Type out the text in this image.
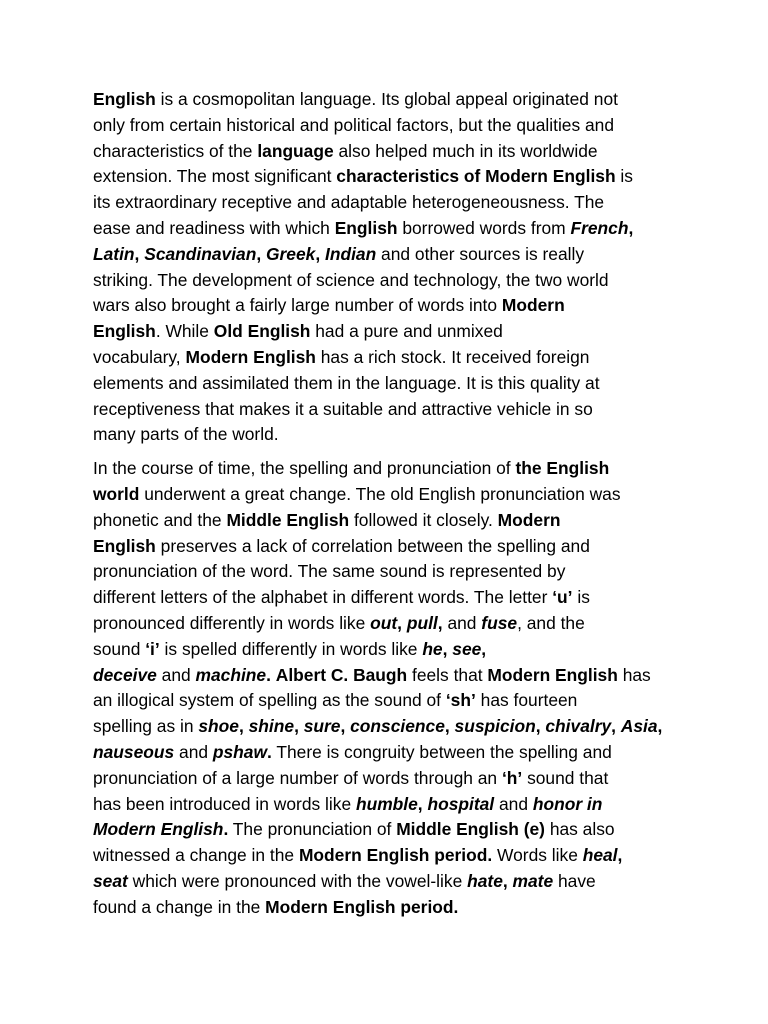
English is a cosmopolitan language. Its global appeal originated not
only from certain historical and political factors, but the qualities and
characteristics of the language also helped much in its worldwide
extension. The most significant characteristics of Modern English is
its extraordinary receptive and adaptable heterogeneousness. The
ease and readiness with which English borrowed words from French,
Latin, Scandinavian, Greek, Indian and other sources is really
striking. The development of science and technology, the two world
wars also brought a fairly large number of words into Modern
English. While Old English had a pure and unmixed
vocabulary, Modern English has a rich stock. It received foreign
elements and assimilated them in the language. It is this quality at
receptiveness that makes it a suitable and attractive vehicle in so
many parts of the world.
In the course of time, the spelling and pronunciation of the English
world underwent a great change. The old English pronunciation was
phonetic and the Middle English followed it closely. Modern
English preserves a lack of correlation between the spelling and
pronunciation of the word. The same sound is represented by
different letters of the alphabet in different words. The letter ‘u’ is
pronounced differently in words like out, pull, and fuse, and the
sound ‘i’ is spelled differently in words like he, see,
deceive and machine. Albert C. Baugh feels that Modern English has
an illogical system of spelling as the sound of ‘sh’ has fourteen
spelling as in shoe, shine, sure, conscience, suspicion, chivalry, Asia,
nauseous and pshaw. There is congruity between the spelling and
pronunciation of a large number of words through an ‘h’ sound that
has been introduced in words like humble, hospital and honor in
Modern English. The pronunciation of Middle English (e) has also
witnessed a change in the Modern English period. Words like heal,
seat which were pronounced with the vowel-like hate, mate have
found a change in the Modern English period.
